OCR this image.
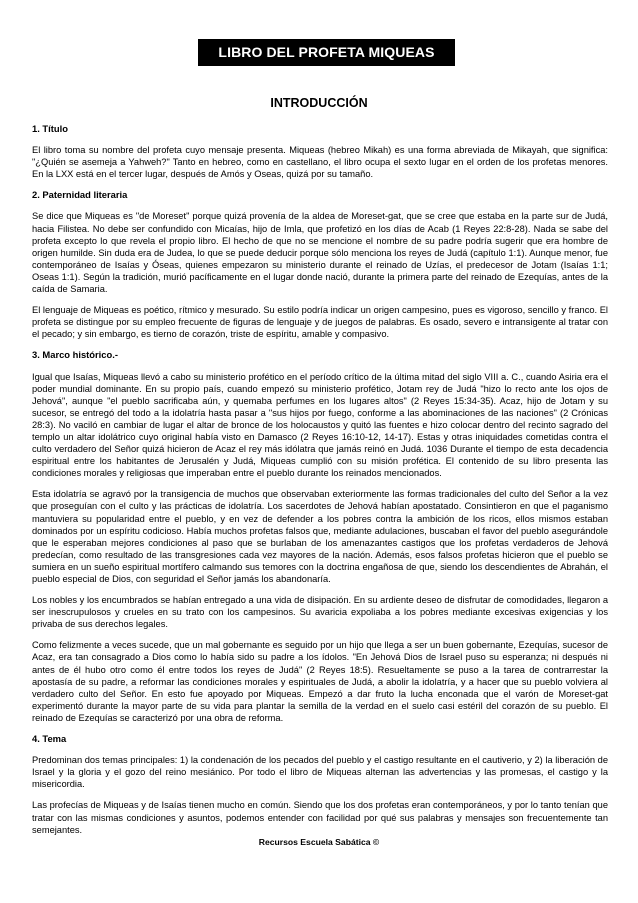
LIBRO DEL PROFETA MIQUEAS
INTRODUCCIÓN
1. Título

El libro toma su nombre del profeta cuyo mensaje presenta. Miqueas (hebreo Mikah) es una forma abreviada de Mikayah, que significa: "¿Quién se asemeja a Yahweh?" Tanto en hebreo, como en castellano, el libro ocupa el sexto lugar en el orden de los profetas menores. En la LXX está en el tercer lugar, después de Amós y Oseas, quizá por su tamaño.

2. Paternidad literaria

Se dice que Miqueas es "de Moreset" porque quizá provenía de la aldea de Moreset-gat, que se cree que estaba en la parte sur de Judá, hacia Filistea. No debe ser confundido con Micaías, hijo de Imla, que profetizó en los días de Acab (1 Reyes 22:8-28). Nada se sabe del profeta excepto lo que revela el propio libro. El hecho de que no se mencione el nombre de su padre podría sugerir que era hombre de origen humilde. Sin duda era de Judea, lo que se puede deducir porque sólo menciona los reyes de Judá (capítulo 1:1). Aunque menor, fue contemporáneo de Isaías y Óseas, quienes empezaron su ministerio durante el reinado de Uzías, el predecesor de Jotam (Isaías 1:1; Oseas 1:1). Según la tradición, murió pacíficamente en el lugar donde nació, durante la primera parte del reinado de Ezequías, antes de la caída de Samaria.

El lenguaje de Miqueas es poético, rítmico y mesurado. Su estilo podría indicar un origen campesino, pues es vigoroso, sencillo y franco. El profeta se distingue por su empleo frecuente de figuras de lenguaje y de juegos de palabras. Es osado, severo e intransigente al tratar con el pecado; y sin embargo, es tierno de corazón, triste de espíritu, amable y compasivo.

3. Marco histórico.-

Igual que Isaías, Miqueas llevó a cabo su ministerio profético en el período crítico de la última mitad del siglo VIII a. C., cuando Asiria era el poder mundial dominante. En su propio país, cuando empezó su ministerio profético, Jotam rey de Judá "hizo lo recto ante los ojos de Jehová", aunque "el pueblo sacrificaba aún, y quemaba perfumes en los lugares altos" (2 Reyes 15:34-35). Acaz, hijo de Jotam y su sucesor, se entregó del todo a la idolatría hasta pasar a "sus hijos por fuego, conforme a las abominaciones de las naciones" (2 Crónicas 28:3). No vaciló en cambiar de lugar el altar de bronce de los holocaustos y quitó las fuentes e hizo colocar dentro del recinto sagrado del templo un altar idolátrico cuyo original había visto en Damasco (2 Reyes 16:10-12, 14-17). Estas y otras iniquidades cometidas contra el culto verdadero del Señor quizá hicieron de Acaz el rey más idólatra que jamás reinó en Judá. 1036 Durante el tiempo de esta decadencia espiritual entre los habitantes de Jerusalén y Judá, Miqueas cumplió con su misión profética. El contenido de su libro presenta las condiciones morales y religiosas que imperaban entre el pueblo durante los reinados mencionados.

Esta idolatría se agravó por la transigencia de muchos que observaban exteriormente las formas tradicionales del culto del Señor a la vez que proseguían con el culto y las prácticas de idolatría. Los sacerdotes de Jehová habían apostatado. Consintieron en que el paganismo mantuviera su popularidad entre el pueblo, y en vez de defender a los pobres contra la ambición de los ricos, ellos mismos estaban dominados por un espíritu codicioso. Había muchos profetas falsos que, mediante adulaciones, buscaban el favor del pueblo asegurándole que le esperaban mejores condiciones al paso que se burlaban de los amenazantes castigos que los profetas verdaderos de Jehová predecían, como resultado de las transgresiones cada vez mayores de la nación. Además, esos falsos profetas hicieron que el pueblo se sumiera en un sueño espiritual mortífero calmando sus temores con la doctrina engañosa de que, siendo los descendientes de Abrahán, el pueblo especial de Dios, con seguridad el Señor jamás los abandonaría.

Los nobles y los encumbrados se habían entregado a una vida de disipación. En su ardiente deseo de disfrutar de comodidades, llegaron a ser inescrupulosos y crueles en su trato con los campesinos. Su avaricia expoliaba a los pobres mediante excesivas exigencias y los privaba de sus derechos legales.

Como felizmente a veces sucede, que un mal gobernante es seguido por un hijo que llega a ser un buen gobernante, Ezequías, sucesor de Acaz, era tan consagrado a Dios como lo había sido su padre a los ídolos. "En Jehová Dios de Israel puso su esperanza; ni después ni antes de él hubo otro como él entre todos los reyes de Judá" (2 Reyes 18:5). Resueltamente se puso a la tarea de contrarrestar la apostasía de su padre, a reformar las condiciones morales y espirituales de Judá, a abolir la idolatría, y a hacer que su pueblo volviera al verdadero culto del Señor. En esto fue apoyado por Miqueas. Empezó a dar fruto la lucha enconada que el varón de Moreset-gat experimentó durante la mayor parte de su vida para plantar la semilla de la verdad en el suelo casi estéril del corazón de su pueblo. El reinado de Ezequías se caracterizó por una obra de reforma.

4. Tema

Predominan dos temas principales: 1) la condenación de los pecados del pueblo y el castigo resultante en el cautiverio, y 2) la liberación de Israel y la gloria y el gozo del reino mesiánico. Por todo el libro de Miqueas alternan las advertencias y las promesas, el castigo y la misericordia.

Las profecías de Miqueas y de Isaías tienen mucho en común. Siendo que los dos profetas eran contemporáneos, y por lo tanto tenían que tratar con las mismas condiciones y asuntos, podemos entender con facilidad por qué sus palabras y mensajes son frecuentemente tan semejantes.

Recursos Escuela Sabática ©
